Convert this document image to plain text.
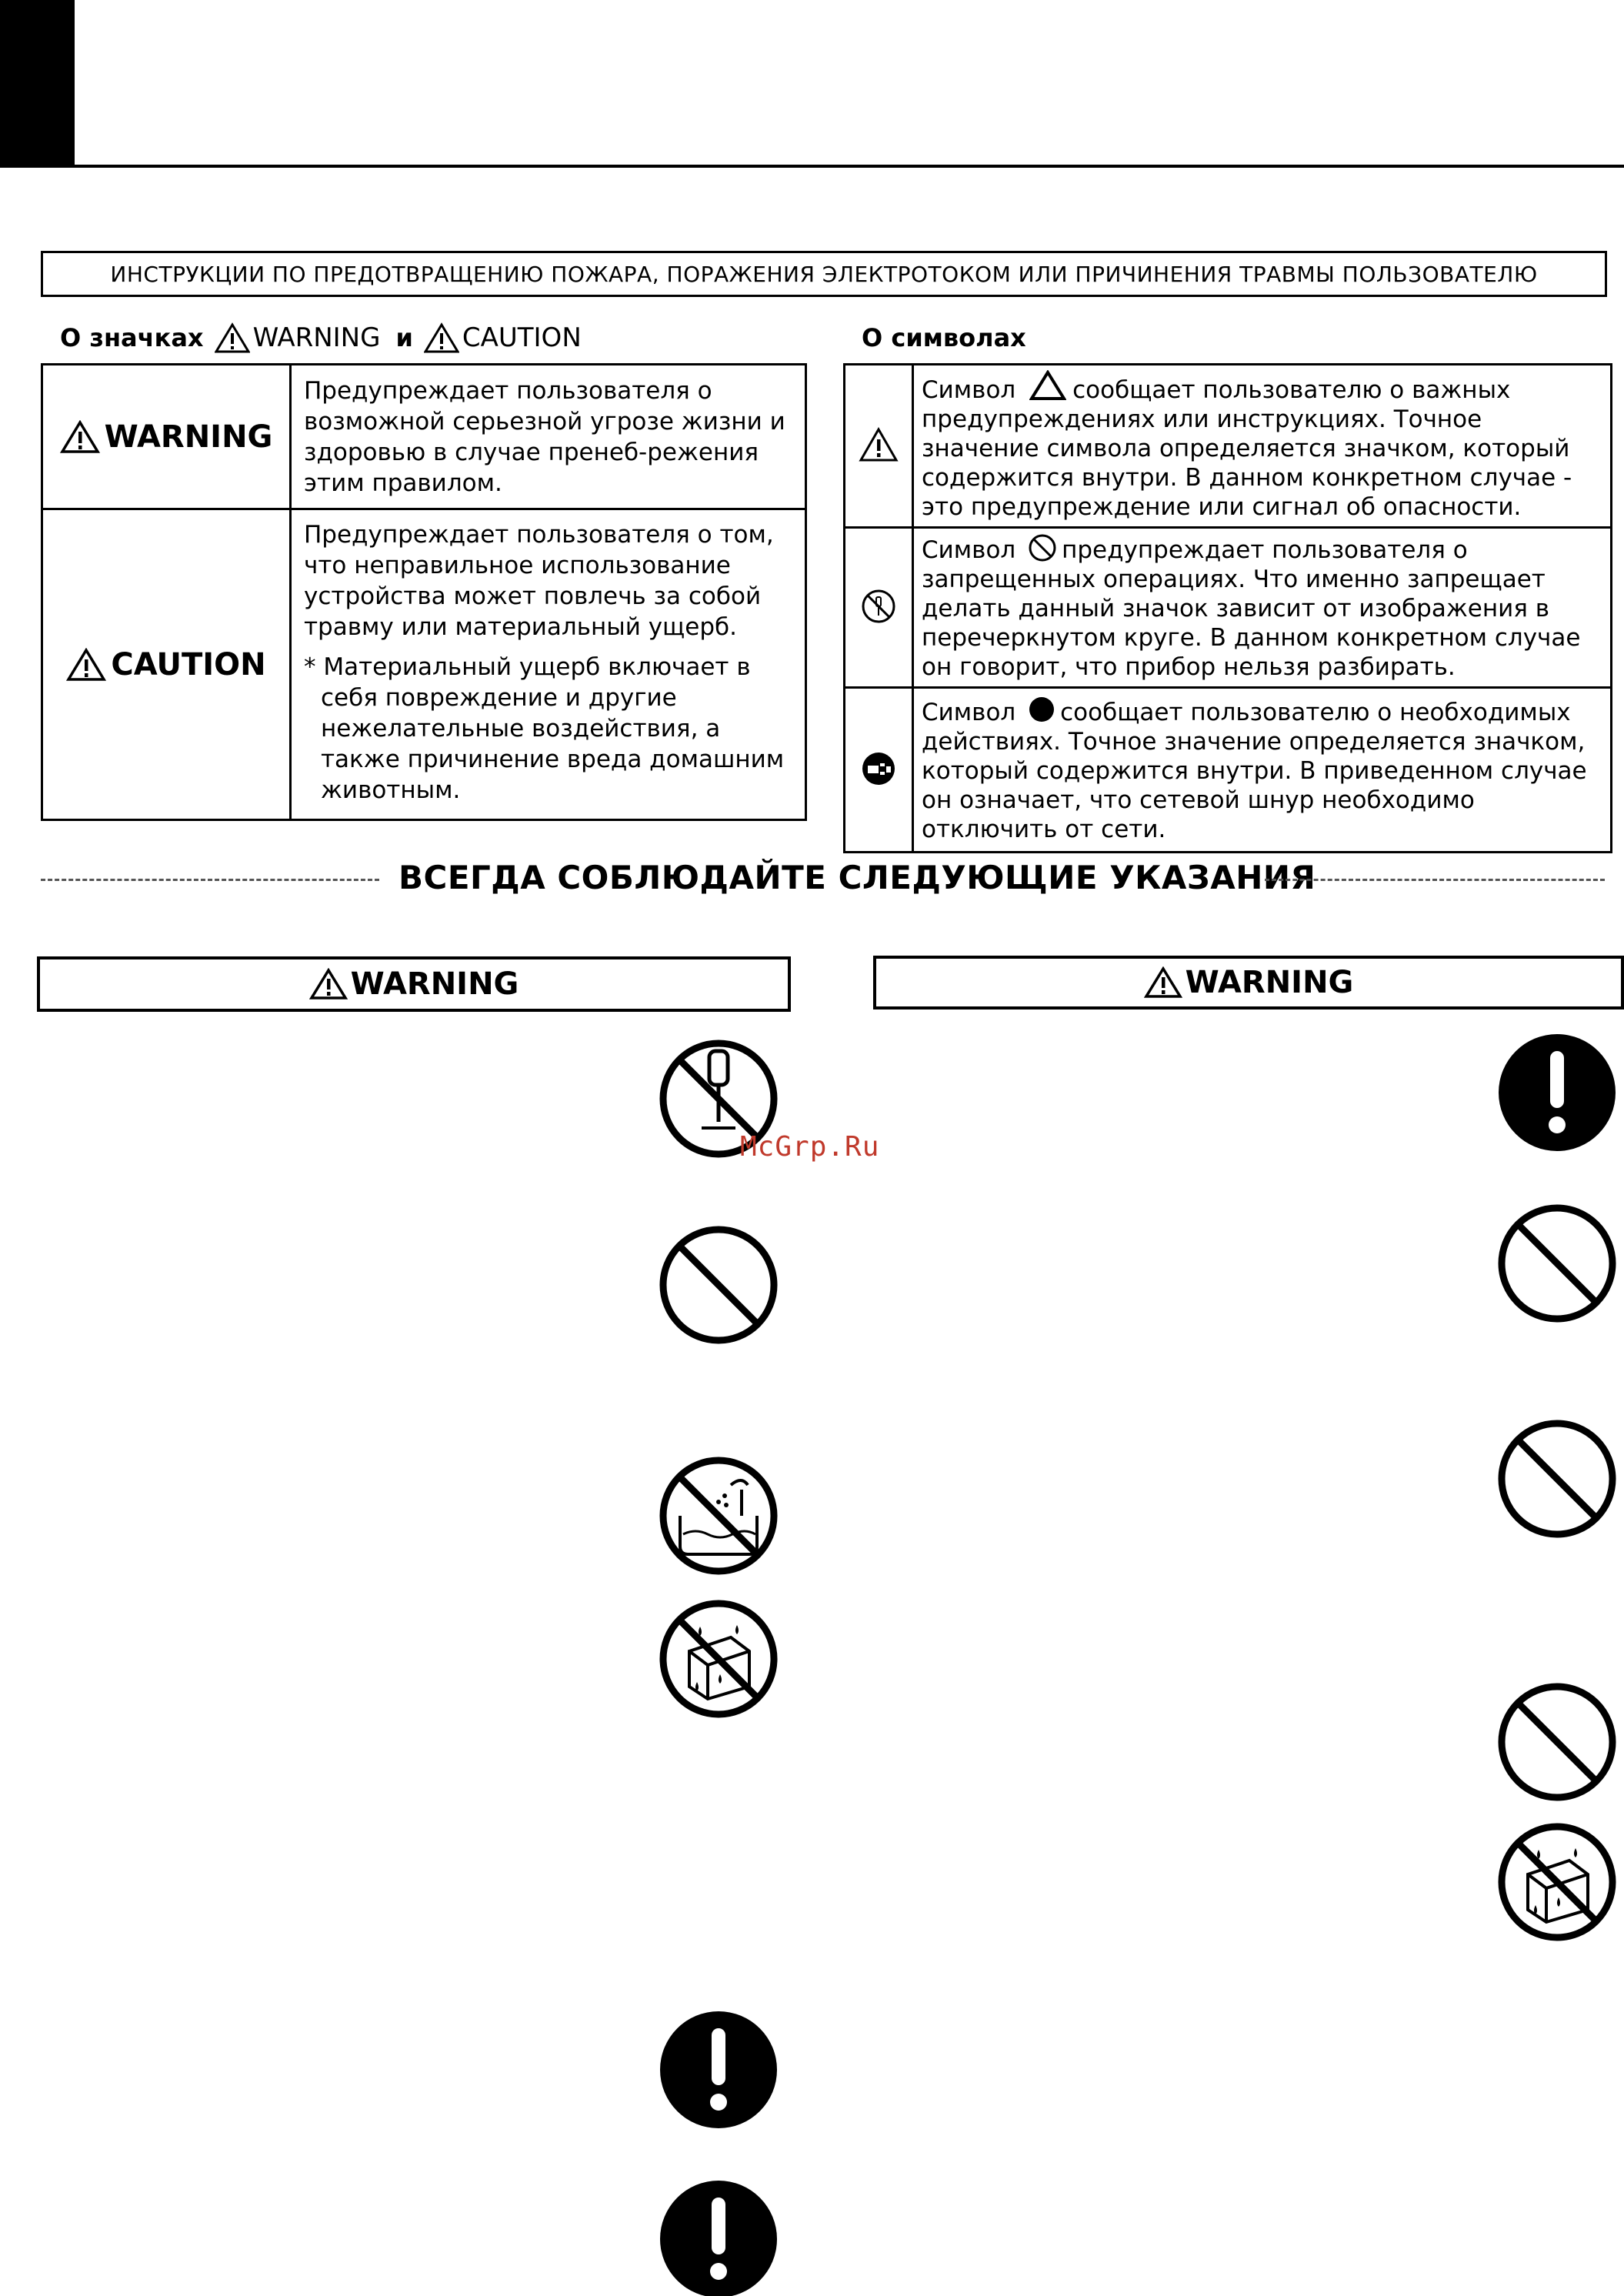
ИНСТРУКЦИИ ПО ПРЕДОТВРАЩЕНИЮ ПОЖАРА, ПОРАЖЕНИЯ ЭЛЕКТРОТОКОМ ИЛИ ПРИЧИНЕНИЯ ТРАВМЫ ПОЛЬЗОВАТЕЛЮ
О значках WARNING и CAUTION
WARNING	Предупреждает пользователя о возможной серьезной угрозе жизни и здоровью в случае пренеб-режения этим правилом.

CAUTION	Предупреждает пользователя о том, что неправильное использование устройства может повлечь за собой травму или материальный ущерб.

* Материальный ущерб включает в себя повреждение и другие нежелательные воздействия, а также причинение вреда домашним животным.

О символах

Символ сообщает пользователю о важных предупреждениях или инструкциях. Точное значение символа определяется значком, который содержится внутри. В данном конкретном случае - это предупреждение или сигнал об опасности.

Символ предупреждает пользователя о запрещенных операциях. Что именно запрещает делать данный значок зависит от изображения в перечеркнутом круге. В данном конкретном случае он говорит, что прибор нельзя разбирать.

Символ сообщает пользователю о необходимых действиях. Точное значение определяется значком, который содержится внутри. В приведенном случае он означает, что сетевой шнур необходимо отключить от сети.

ВСЕГДА СОБЛЮДАЙТЕ СЛЕДУЮЩИЕ УКАЗАНИЯ
WARNING	WARNING
McGrp.Ru
